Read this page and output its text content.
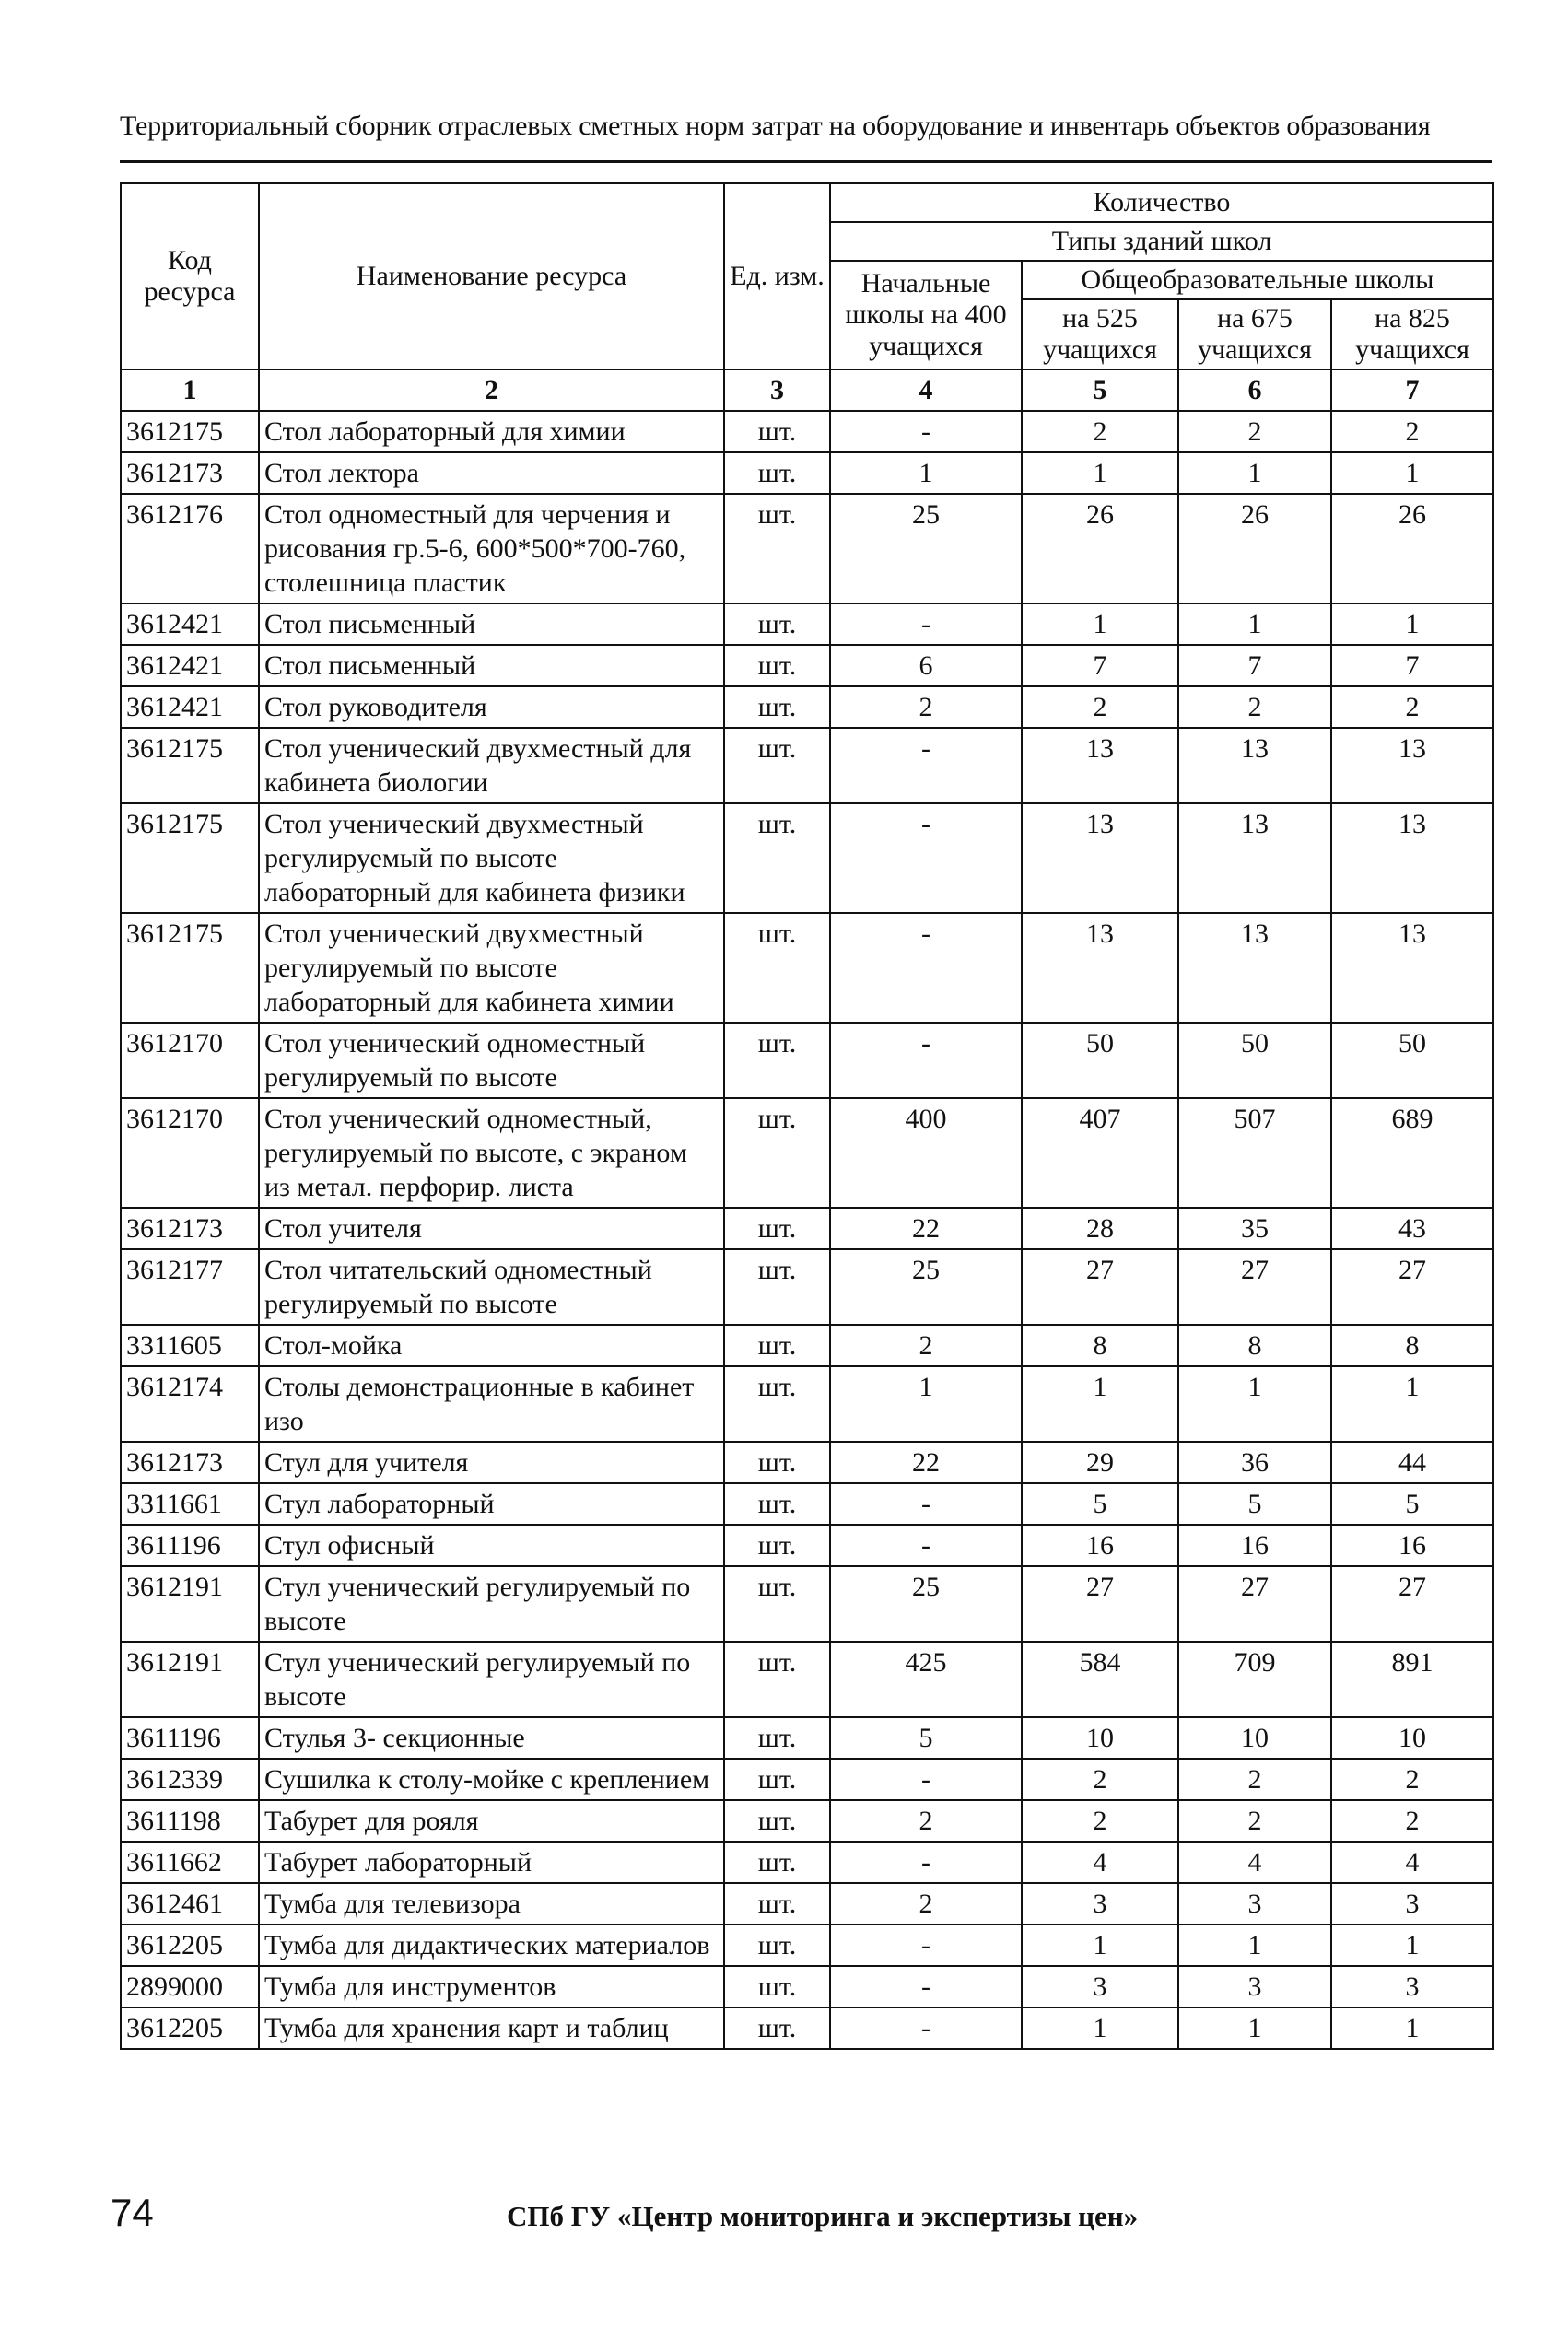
Территориальный сборник отраслевых сметных норм затрат на оборудование и инвентарь объектов образования
Код ресурса	Наименование ресурса	Ед. изм.	Количество			
			Типы зданий школ			
			Начальные школы на 400 учащихся	Общеобразовательные школы		
				на 525 учащихся	на 675 учащихся	на 825 учащихся
1	2	3	4	5	6	7
3612175	Стол лабораторный для химии	шт.	-	2	2	2
3612173	Стол лектора	шт.	1	1	1	1
3612176	Стол одноместный для черчения и рисования гр.5-6, 600*500*700-760, столешница пластик	шт.	25	26	26	26
3612421	Стол письменный	шт.	-	1	1	1
3612421	Стол письменный	шт.	6	7	7	7
3612421	Стол руководителя	шт.	2	2	2	2
3612175	Стол ученический двухместный для кабинета биологии	шт.	-	13	13	13
3612175	Стол ученический двухместный регулируемый по высоте лабораторный для кабинета физики	шт.	-	13	13	13
3612175	Стол ученический двухместный регулируемый по высоте лабораторный для кабинета химии	шт.	-	13	13	13
3612170	Стол ученический одноместный регулируемый по высоте	шт.	-	50	50	50
3612170	Стол ученический одноместный, регулируемый по высоте, с экраном из метал. перфорир. листа	шт.	400	407	507	689
3612173	Стол учителя	шт.	22	28	35	43
3612177	Стол читательский одноместный регулируемый по высоте	шт.	25	27	27	27
3311605	Стол-мойка	шт.	2	8	8	8
3612174	Столы демонстрационные в кабинет изо	шт.	1	1	1	1
3612173	Стул для учителя	шт.	22	29	36	44
3311661	Стул лабораторный	шт.	-	5	5	5
3611196	Стул офисный	шт.	-	16	16	16
3612191	Стул ученический регулируемый по высоте	шт.	25	27	27	27
3612191	Стул ученический регулируемый по высоте	шт.	425	584	709	891
3611196	Стулья 3- секционные	шт.	5	10	10	10
3612339	Сушилка к столу-мойке с креплением	шт.	-	2	2	2
3611198	Табурет для рояля	шт.	2	2	2	2
3611662	Табурет лабораторный	шт.	-	4	4	4
3612461	Тумба для телевизора	шт.	2	3	3	3
3612205	Тумба для дидактических материалов	шт.	-	1	1	1
2899000	Тумба для инструментов	шт.	-	3	3	3
3612205	Тумба для хранения карт и таблиц	шт.	-	1	1	1
74	СПб ГУ «Центр мониторинга и экспертизы цен»
